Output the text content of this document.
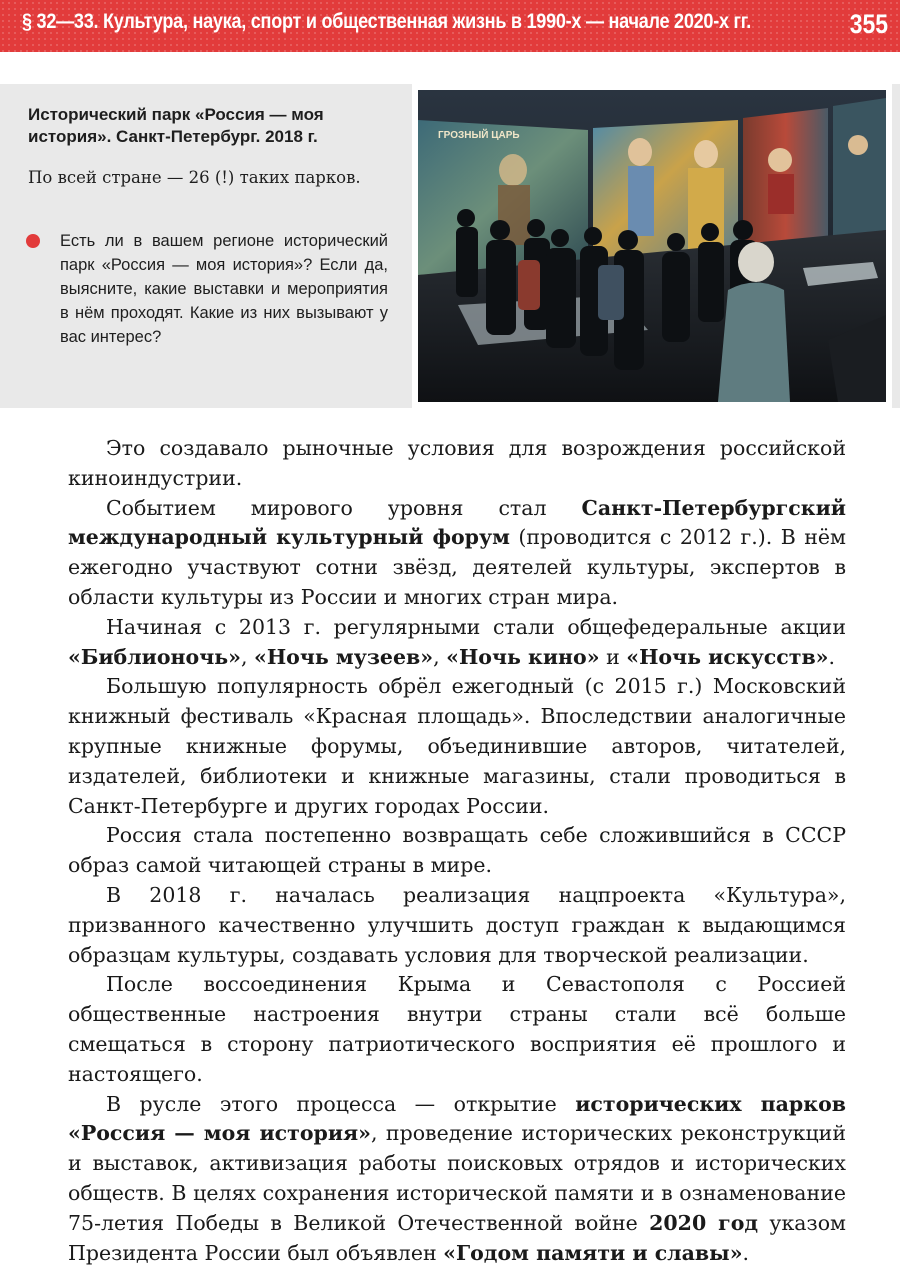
§ 32—33. Культура, наука, спорт и общественная жизнь в 1990-х — начале 2020-х гг.	355
Исторический парк «Россия — моя история». Санкт-Петербург. 2018 г.
По всей стране — 26 (!) таких парков.
Есть ли в вашем регионе исторический парк «Россия — моя история»? Если да, выясните, какие выставки и мероприятия в нём проходят. Какие из них вызывают у вас интерес?
ГРОЗНЫЙ ЦАРЬ

Это создавало рыночные условия для возрождения российской киноиндустрии.

Событием мирового уровня стал Санкт-Петербургский международный культурный форум (проводится с 2012 г.). В нём ежегодно участвуют сотни звёзд, деятелей культуры, экспертов в области культуры из России и многих стран мира.

Начиная с 2013 г. регулярными стали общефедеральные акции «Библионочь», «Ночь музеев», «Ночь кино» и «Ночь искусств».

Большую популярность обрёл ежегодный (с 2015 г.) Московский книжный фестиваль «Красная площадь». Впоследствии аналогичные крупные книжные форумы, объединившие авторов, читателей, издателей, библиотеки и книжные магазины, стали проводиться в Санкт-Петербурге и других городах России.

Россия стала постепенно возвращать себе сложившийся в СССР образ самой читающей страны в мире.

В 2018 г. началась реализация нацпроекта «Культура», призванного качественно улучшить доступ граждан к выдающимся образцам культуры, создавать условия для творческой реализации.

После воссоединения Крыма и Севастополя с Россией общественные настроения внутри страны стали всё больше смещаться в сторону патриотического восприятия её прошлого и настоящего.

В русле этого процесса — открытие исторических парков «Россия — моя история», проведение исторических реконструкций и выставок, активизация работы поисковых отрядов и исторических обществ. В целях сохранения исторической памяти и в ознаменование 75-летия Победы в Великой Отечественной войне 2020 год указом Президента России был объявлен «Годом памяти и славы».
